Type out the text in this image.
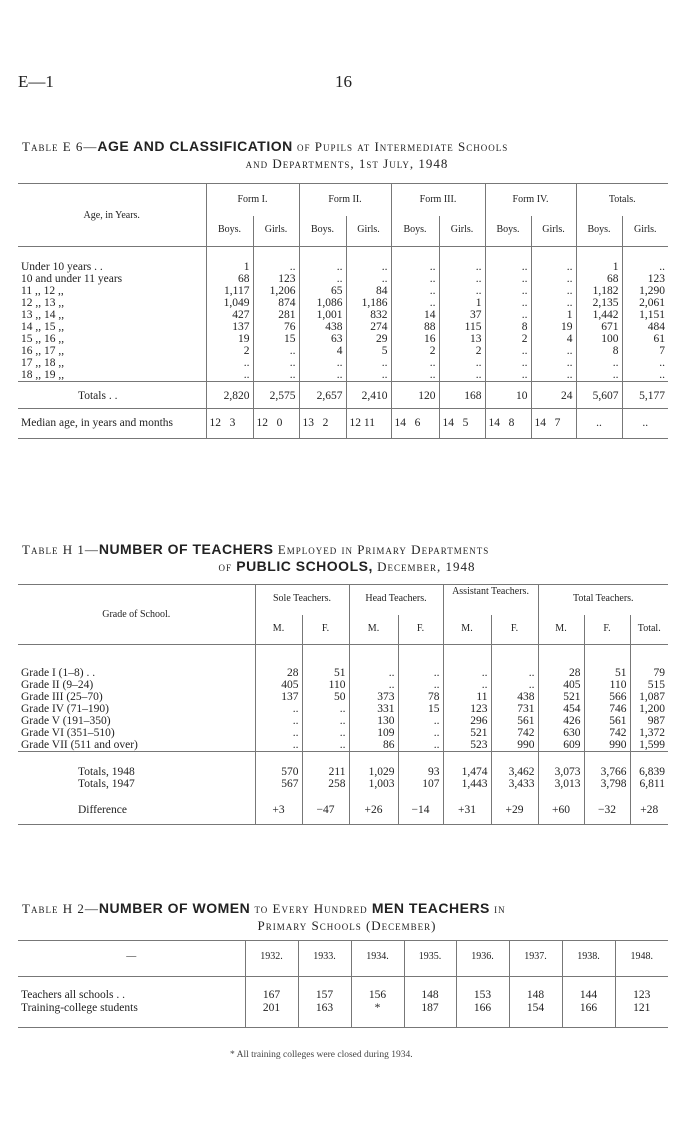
E—1	16
Table E 6—AGE AND CLASSIFICATION of Pupils at Intermediate Schools
and Departments, 1st July, 1948
Age, in Years.	Form I.		Form II.		Form III.		Form IV.		Totals.	
	Boys.	Girls.	Boys.	Girls.	Boys.	Girls.	Boys.	Girls.	Boys.	Girls.
Under 10 years . .	1	..	..	..	..	..	..	..	1	..
10 and under 11 years	68	123	..	..	..	..	..	..	68	123
11 ,, 12 ,,	1,117	1,206	65	84	..	..	..	..	1,182	1,290
12 ,, 13 ,,	1,049	874	1,086	1,186	..	1	..	..	2,135	2,061
13 ,, 14 ,,	427	281	1,001	832	14	37	..	1	1,442	1,151
14 ,, 15 ,,	137	76	438	274	88	115	8	19	671	484
15 ,, 16 ,,	19	15	63	29	16	13	2	4	100	61
16 ,, 17 ,,	2	..	4	5	2	2	..	..	8	7
17 ,, 18 ,,	..	..	..	..	..	..	..	..	..	..
18 ,, 19 ,,	..	..	..	..	..	..	..	..	..	..
Totals . .	2,820	2,575	2,657	2,410	120	168	10	24	5,607	5,177
Median age, in years and months	12   3	12   0	13   2	12 11	14   6	14   5	14   8	14   7	..	..
Table H 1—NUMBER OF TEACHERS Employed in Primary Departments
of PUBLIC SCHOOLS, December, 1948
Grade of School.	Sole Teachers.		Head Teachers.		Assistant Teachers.		Total Teachers.		
	M.	F.	M.	F.	M.	F.	M.	F.	Total.
Grade I (1–8) . .	28	51	..	..	..	..	28	51	79
Grade II (9–24)	405	110	..	..	..	..	405	110	515
Grade III (25–70)	137	50	373	78	11	438	521	566	1,087
Grade IV (71–190)	..	..	331	15	123	731	454	746	1,200
Grade V (191–350)	..	..	130	..	296	561	426	561	987
Grade VI (351–510)	..	..	109	..	521	742	630	742	1,372
Grade VII (511 and over)	..	..	86	..	523	990	609	990	1,599
Totals, 1948	570	211	1,029	93	1,474	3,462	3,073	3,766	6,839
Totals, 1947	567	258	1,003	107	1,443	3,433	3,013	3,798	6,811
Difference	+3	−47	+26	−14	+31	+29	+60	−32	+28
Table H 2—NUMBER OF WOMEN to Every Hundred MEN TEACHERS in
Primary Schools (December)
—	1932.	1933.	1934.	1935.	1936.	1937.	1938.	1948.
Teachers all schools . .	167	157	156	148	153	148	144	123
Training-college students	201	163	*	187	166	154	166	121
* All training colleges were closed during 1934.
